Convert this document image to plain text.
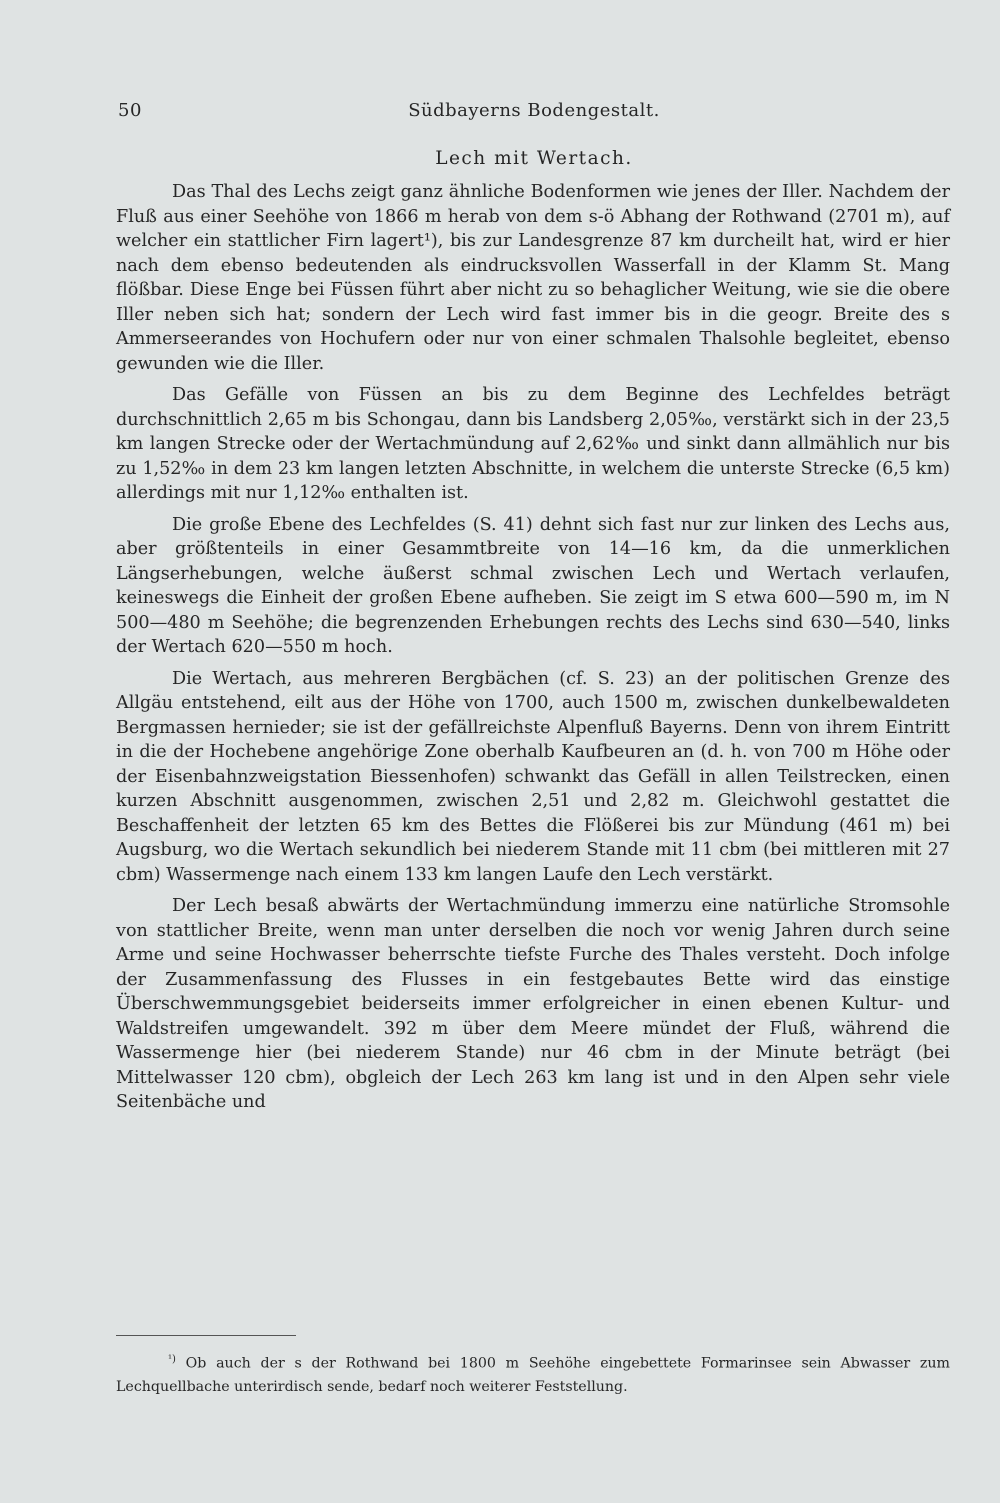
50	Südbayerns Bodengestalt.
Lech mit Wertach.

Das Thal des Lechs zeigt ganz ähnliche Bodenformen wie jenes der Iller. Nachdem der Fluß aus einer Seehöhe von 1866 m herab von dem s-ö Abhang der Rothwand (2701 m), auf welcher ein stattlicher Firn lagert¹), bis zur Landesgrenze 87 km durcheilt hat, wird er hier nach dem ebenso bedeutenden als eindrucksvollen Wasserfall in der Klamm St. Mang flößbar. Diese Enge bei Füssen führt aber nicht zu so behaglicher Weitung, wie sie die obere Iller neben sich hat; sondern der Lech wird fast immer bis in die geogr. Breite des s Ammerseerandes von Hochufern oder nur von einer schmalen Thalsohle begleitet, ebenso gewunden wie die Iller.

Das Gefälle von Füssen an bis zu dem Beginne des Lechfeldes beträgt durchschnittlich 2,65 m bis Schongau, dann bis Landsberg 2,05‰, verstärkt sich in der 23,5 km langen Strecke oder der Wertachmündung auf 2,62‰ und sinkt dann allmählich nur bis zu 1,52‰ in dem 23 km langen letzten Abschnitte, in welchem die unterste Strecke (6,5 km) allerdings mit nur 1,12‰ enthalten ist.

Die große Ebene des Lechfeldes (S. 41) dehnt sich fast nur zur linken des Lechs aus, aber größtenteils in einer Gesammtbreite von 14—16 km, da die unmerklichen Längserhebungen, welche äußerst schmal zwischen Lech und Wertach verlaufen, keineswegs die Einheit der großen Ebene aufheben. Sie zeigt im S etwa 600—590 m, im N 500—480 m Seehöhe; die begrenzenden Erhebungen rechts des Lechs sind 630—540, links der Wertach 620—550 m hoch.

Die Wertach, aus mehreren Bergbächen (cf. S. 23) an der politischen Grenze des Allgäu entstehend, eilt aus der Höhe von 1700, auch 1500 m, zwischen dunkelbewaldeten Bergmassen hernieder; sie ist der gefällreichste Alpenfluß Bayerns. Denn von ihrem Eintritt in die der Hochebene angehörige Zone oberhalb Kaufbeuren an (d. h. von 700 m Höhe oder der Eisenbahnzweigstation Biessenhofen) schwankt das Gefäll in allen Teilstrecken, einen kurzen Abschnitt ausgenommen, zwischen 2,51 und 2,82 m. Gleichwohl gestattet die Beschaffenheit der letzten 65 km des Bettes die Flößerei bis zur Mündung (461 m) bei Augsburg, wo die Wertach sekundlich bei niederem Stande mit 11 cbm (bei mittleren mit 27 cbm) Wassermenge nach einem 133 km langen Laufe den Lech verstärkt.

Der Lech besaß abwärts der Wertachmündung immerzu eine natürliche Stromsohle von stattlicher Breite, wenn man unter derselben die noch vor wenig Jahren durch seine Arme und seine Hochwasser beherrschte tiefste Furche des Thales versteht. Doch infolge der Zusammenfassung des Flusses in ein festgebautes Bette wird das einstige Überschwemmungsgebiet beiderseits immer erfolgreicher in einen ebenen Kultur- und Waldstreifen umgewandelt. 392 m über dem Meere mündet der Fluß, während die Wassermenge hier (bei niederem Stande) nur 46 cbm in der Minute beträgt (bei Mittelwasser 120 cbm), obgleich der Lech 263 km lang ist und in den Alpen sehr viele Seitenbäche und

$^{^1)}$ Ob auch der s der Rothwand bei 1800 m Seehöhe eingebettete Formarinsee sein Abwasser zum Lechquellbache unterirdisch sende, bedarf noch weiterer Feststellung.
